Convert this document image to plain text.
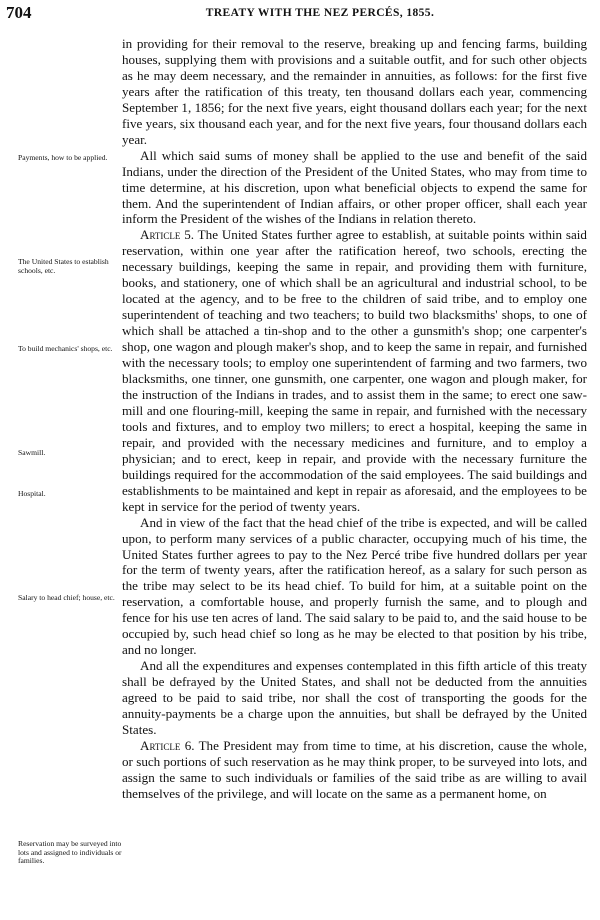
704	TREATY WITH THE NEZ PERCÉS, 1855.
Payments, how to be applied.
The United States to establish schools, etc.
To build mechanics' shops, etc.
Sawmill.
Hospital.
Salary to head chief; house, etc.
Reservation may be surveyed into lots and assigned to individuals or families.

in providing for their removal to the reserve, breaking up and fencing farms, building houses, supplying them with provisions and a suitable outfit, and for such other objects as he may deem necessary, and the remainder in annuities, as follows: for the first five years after the ratification of this treaty, ten thousand dollars each year, commencing September 1, 1856; for the next five years, eight thousand dollars each year; for the next five years, six thousand each year, and for the next five years, four thousand dollars each year.

All which said sums of money shall be applied to the use and benefit of the said Indians, under the direction of the President of the United States, who may from time to time determine, at his discretion, upon what beneficial objects to expend the same for them. And the superintendent of Indian affairs, or other proper officer, shall each year inform the President of the wishes of the Indians in relation thereto.

Article 5. The United States further agree to establish, at suitable points within said reservation, within one year after the ratification hereof, two schools, erecting the necessary buildings, keeping the same in repair, and providing them with furniture, books, and stationery, one of which shall be an agricultural and industrial school, to be located at the agency, and to be free to the children of said tribe, and to employ one superintendent of teaching and two teachers; to build two blacksmiths' shops, to one of which shall be attached a tin-shop and to the other a gunsmith's shop; one carpenter's shop, one wagon and plough maker's shop, and to keep the same in repair, and furnished with the necessary tools; to employ one superintendent of farming and two farmers, two blacksmiths, one tinner, one gunsmith, one carpenter, one wagon and plough maker, for the instruction of the Indians in trades, and to assist them in the same; to erect one saw-mill and one flouring-mill, keeping the same in repair, and furnished with the necessary tools and fixtures, and to employ two millers; to erect a hospital, keeping the same in repair, and provided with the necessary medicines and furniture, and to employ a physician; and to erect, keep in repair, and provide with the necessary furniture the buildings required for the accommodation of the said employees. The said buildings and establishments to be maintained and kept in repair as aforesaid, and the employees to be kept in service for the period of twenty years.

And in view of the fact that the head chief of the tribe is expected, and will be called upon, to perform many services of a public character, occupying much of his time, the United States further agrees to pay to the Nez Percé tribe five hundred dollars per year for the term of twenty years, after the ratification hereof, as a salary for such person as the tribe may select to be its head chief. To build for him, at a suitable point on the reservation, a comfortable house, and properly furnish the same, and to plough and fence for his use ten acres of land. The said salary to be paid to, and the said house to be occupied by, such head chief so long as he may be elected to that position by his tribe, and no longer.

And all the expenditures and expenses contemplated in this fifth article of this treaty shall be defrayed by the United States, and shall not be deducted from the annuities agreed to be paid to said tribe, nor shall the cost of transporting the goods for the annuity-payments be a charge upon the annuities, but shall be defrayed by the United States.

Article 6. The President may from time to time, at his discretion, cause the whole, or such portions of such reservation as he may think proper, to be surveyed into lots, and assign the same to such individuals or families of the said tribe as are willing to avail themselves of the privilege, and will locate on the same as a permanent home, on
